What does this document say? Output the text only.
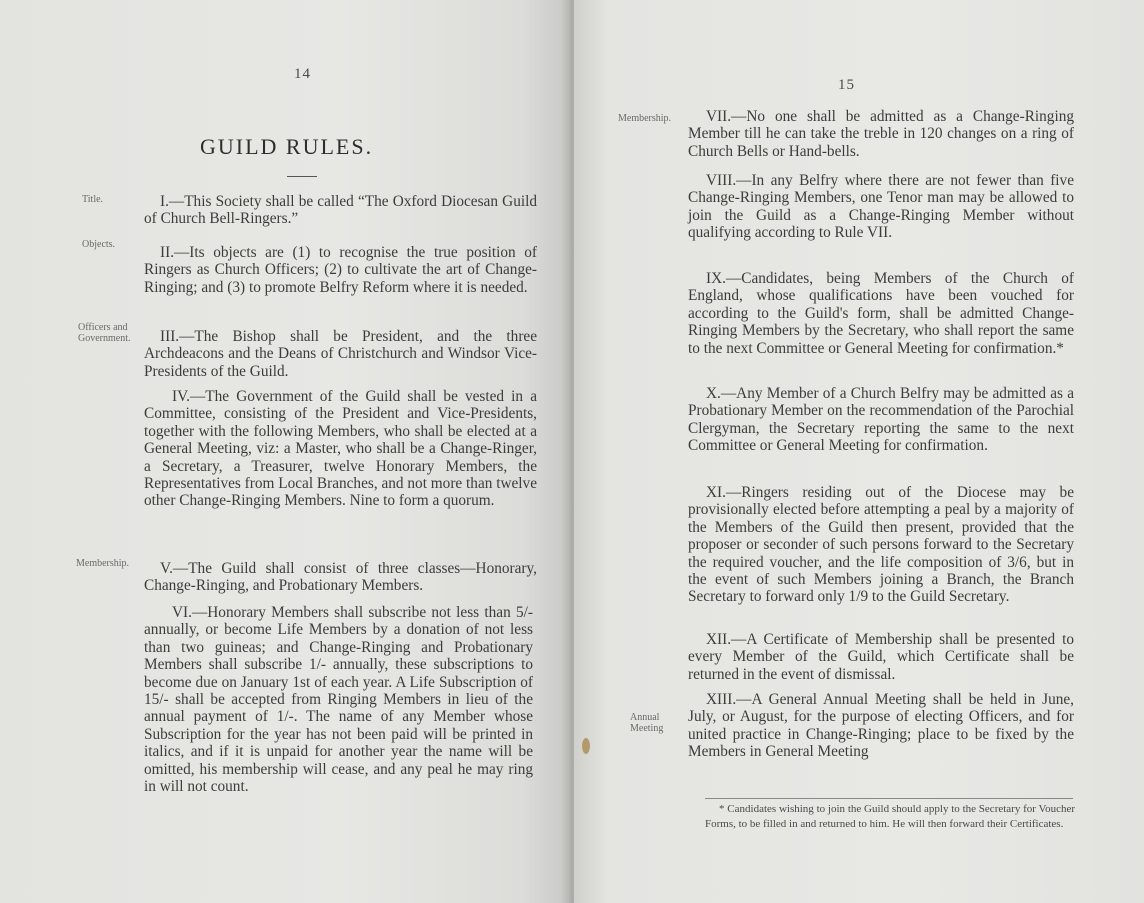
14
GUILD RULES.
Title.
Objects.
Officers and
Government.
Membership.

I.—This Society shall be called “The Oxford Diocesan Guild of Church Bell-Ringers.”

II.—Its objects are (1) to recognise the true position of Ringers as Church Officers; (2) to cultivate the art of Change-Ringing; and (3) to promote Belfry Reform where it is needed.

III.—The Bishop shall be President, and the three Archdeacons and the Deans of Christchurch and Windsor Vice-Presidents of the Guild.

IV.—The Government of the Guild shall be vested in a Committee, consisting of the President and Vice-Presidents, together with the following Members, who shall be elected at a General Meeting, viz: a Master, who shall be a Change-Ringer, a Secretary, a Treasurer, twelve Honorary Members, the Representatives from Local Branches, and not more than twelve other Change-Ringing Members. Nine to form a quorum.

V.—The Guild shall consist of three classes—Honorary, Change-Ringing, and Probationary Members.

VI.—Honorary Members shall subscribe not less than 5/- annually, or become Life Members by a donation of not less than two guineas; and Change-Ringing and Probationary Members shall subscribe 1/- annually, these subscriptions to become due on January 1st of each year. A Life Subscription of 15/- shall be accepted from Ringing Members in lieu of the annual payment of 1/-. The name of any Member whose Subscription for the year has not been paid will be printed in italics, and if it is unpaid for another year the name will be omitted, his membership will cease, and any peal he may ring in will not count.

15
Membership.
Annual
Meeting

VII.—No one shall be admitted as a Change-Ringing Member till he can take the treble in 120 changes on a ring of Church Bells or Hand-bells.

VIII.—In any Belfry where there are not fewer than five Change-Ringing Members, one Tenor man may be allowed to join the Guild as a Change-Ringing Member without qualifying according to Rule VII.

IX.—Candidates, being Members of the Church of England, whose qualifications have been vouched for according to the Guild's form, shall be admitted Change-Ringing Members by the Secretary, who shall report the same to the next Committee or General Meeting for confirmation.*

X.—Any Member of a Church Belfry may be admitted as a Probationary Member on the recommendation of the Parochial Clergyman, the Secretary reporting the same to the next Committee or General Meeting for confirmation.

XI.—Ringers residing out of the Diocese may be provisionally elected before attempting a peal by a majority of the Members of the Guild then present, provided that the proposer or seconder of such persons forward to the Secretary the required voucher, and the life composition of 3/6, but in the event of such Members joining a Branch, the Branch Secretary to forward only 1/9 to the Guild Secretary.

XII.—A Certificate of Membership shall be presented to every Member of the Guild, which Certificate shall be returned in the event of dismissal.

XIII.—A General Annual Meeting shall be held in June, July, or August, for the purpose of electing Officers, and for united practice in Change-Ringing; place to be fixed by the Members in General Meeting

* Candidates wishing to join the Guild should apply to the Secretary for Voucher Forms, to be filled in and returned to him. He will then forward their Certificates.
